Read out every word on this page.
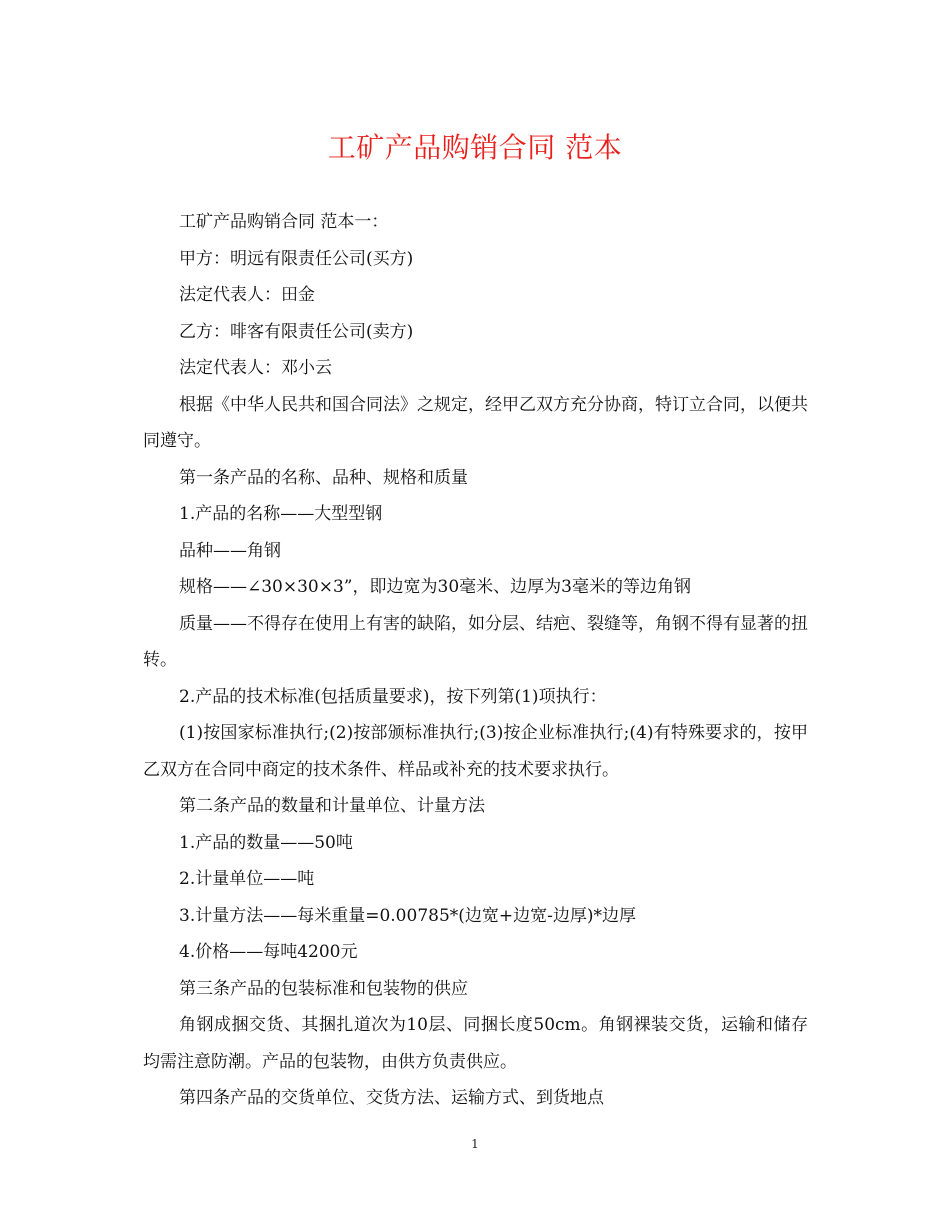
工矿产品购销合同 范本

工矿产品购销合同 范本一：

甲方：明远有限责任公司(买方)

法定代表人：田金

乙方：啡客有限责任公司(卖方)

法定代表人：邓小云

根据《中华人民共和国合同法》之规定，经甲乙双方充分协商，特订立合同，以便共同遵守。

第一条产品的名称、品种、规格和质量

1.产品的名称——大型型钢

品种——角钢

规格——∠30×30×3”，即边宽为30毫米、边厚为3毫米的等边角钢

质量——不得存在使用上有害的缺陷，如分层、结疤、裂缝等，角钢不得有显著的扭转。

2.产品的技术标准(包括质量要求)，按下列第(1)项执行：

(1)按国家标准执行;(2)按部颁标准执行;(3)按企业标准执行;(4)有特殊要求的，按甲乙双方在合同中商定的技术条件、样品或补充的技术要求执行。

第二条产品的数量和计量单位、计量方法

1.产品的数量——50吨

2.计量单位——吨

3.计量方法——每米重量=0.00785*(边宽+边宽-边厚)*边厚

4.价格——每吨4200元

第三条产品的包装标准和包装物的供应

角钢成捆交货、其捆扎道次为10层、同捆长度50cm。角钢裸装交货，运输和储存均需注意防潮。产品的包装物，由供方负责供应。

第四条产品的交货单位、交货方法、运输方式、到货地点

1
